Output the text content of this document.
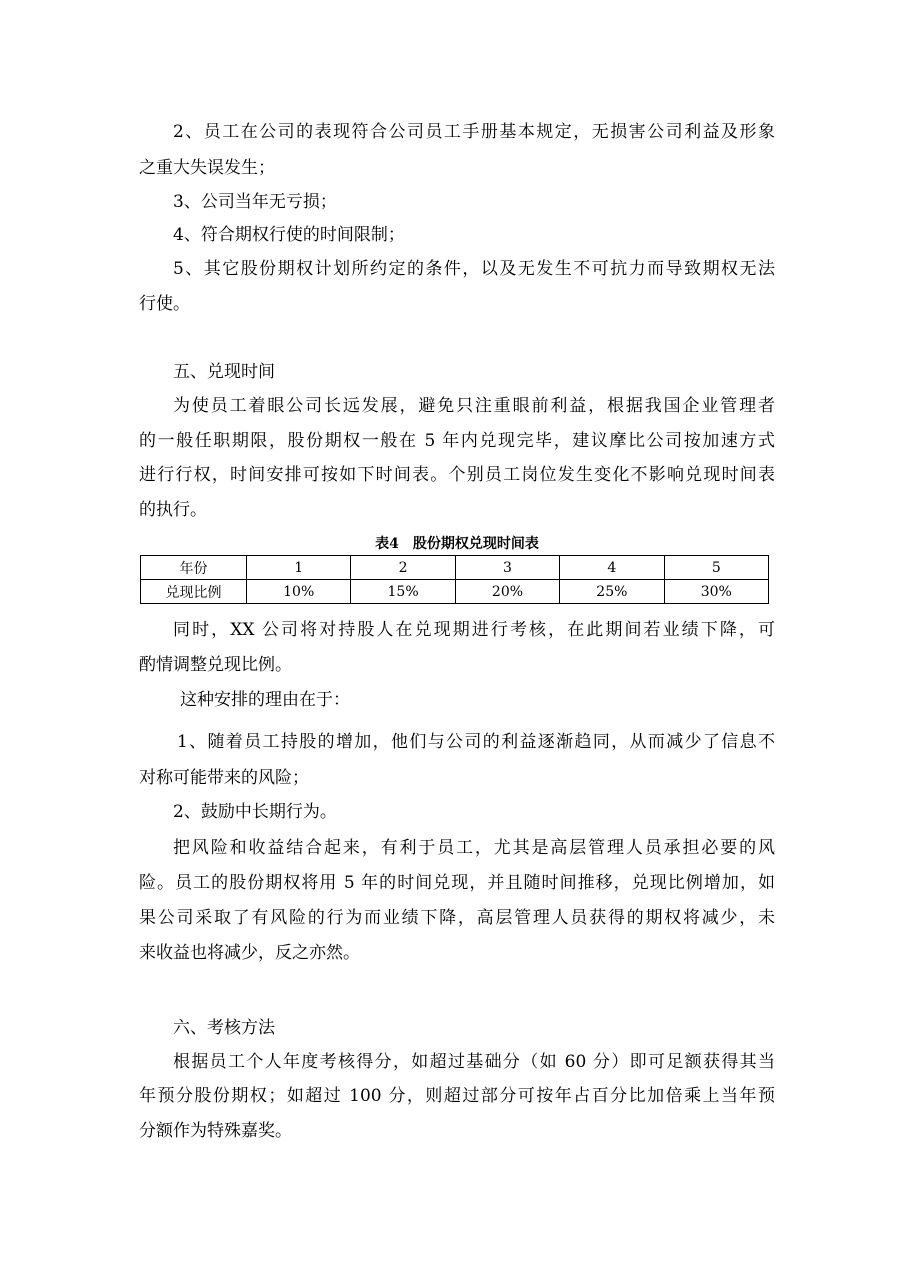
2、员工在公司的表现符合公司员工手册基本规定，无损害公司利益及形象
之重大失误发生；
3、公司当年无亏损；
4、符合期权行使的时间限制；
5、其它股份期权计划所约定的条件，以及无发生不可抗力而导致期权无法
行使。
五、兑现时间
为使员工着眼公司长远发展，避免只注重眼前利益，根据我国企业管理者
的一般任职期限，股份期权一般在 5 年内兑现完毕，建议摩比公司按加速方式
进行行权，时间安排可按如下时间表。个别员工岗位发生变化不影响兑现时间表
的执行。
表4　股份期权兑现时间表
年份	1	2	3	4	5
兑现比例	10%	15%	20%	25%	30%
同时，XX 公司将对持股人在兑现期进行考核，在此期间若业绩下降，可
酌情调整兑现比例。
这种安排的理由在于：
1、随着员工持股的增加，他们与公司的利益逐渐趋同，从而减少了信息不
对称可能带来的风险；
2、鼓励中长期行为。
把风险和收益结合起来，有利于员工，尤其是高层管理人员承担必要的风
险。员工的股份期权将用 5 年的时间兑现，并且随时间推移，兑现比例增加，如
果公司采取了有风险的行为而业绩下降，高层管理人员获得的期权将减少，未
来收益也将减少，反之亦然。
六、考核方法
根据员工个人年度考核得分，如超过基础分（如 60 分）即可足额获得其当
年预分股份期权；如超过 100 分，则超过部分可按年占百分比加倍乘上当年预
分额作为特殊嘉奖。
